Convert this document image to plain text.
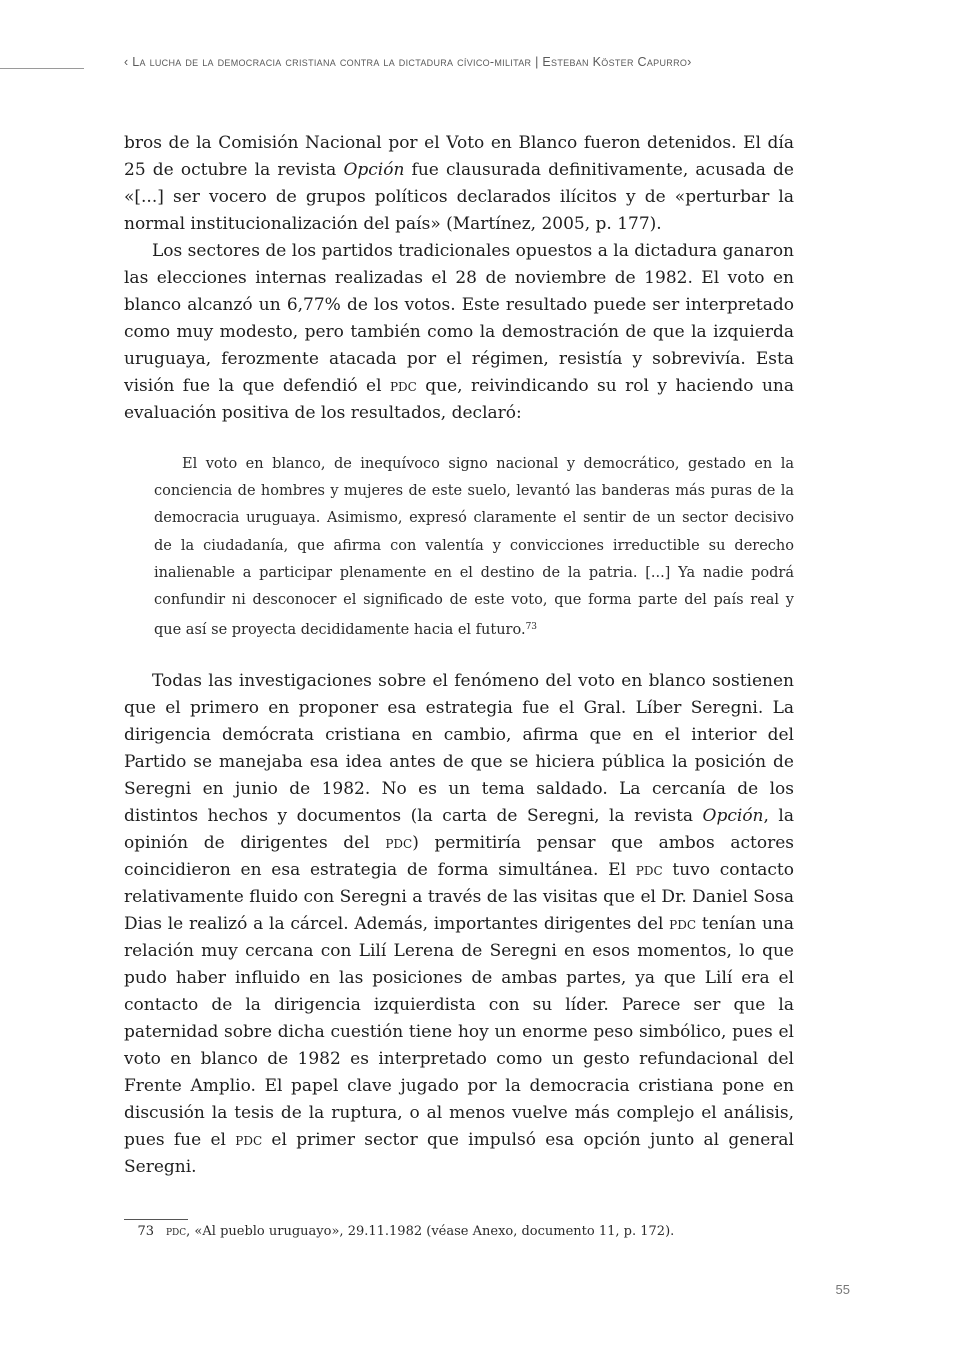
‹ La lucha de la democracia cristiana contra la dictadura cívico-militar | Esteban Köster Capurro›

bros de la Comisión Nacional por el Voto en Blanco fueron detenidos. El día 25 de octubre la revista Opción fue clausurada definitivamente, acusada de «[...] ser vocero de grupos políticos declarados ilícitos y de «perturbar la normal institucionalización del país» (Martínez, 2005, p. 177).

Los sectores de los partidos tradicionales opuestos a la dictadura ganaron las elecciones internas realizadas el 28 de noviembre de 1982. El voto en blanco alcanzó un 6,77% de los votos. Este resultado puede ser interpretado como muy modesto, pero también como la demostración de que la izquierda uruguaya, ferozmente atacada por el régimen, resistía y sobrevivía. Esta visión fue la que defendió el pdc que, reivindicando su rol y haciendo una evaluación positiva de los resultados, declaró:

El voto en blanco, de inequívoco signo nacional y democrático, gestado en la conciencia de hombres y mujeres de este suelo, levantó las banderas más puras de la democracia uruguaya. Asimismo, expresó claramente el sentir de un sector decisivo de la ciudadanía, que afirma con valentía y convicciones irreductible su derecho inalienable a participar plenamente en el destino de la patria. [...] Ya nadie podrá confundir ni desconocer el significado de este voto, que forma parte del país real y que así se proyecta decididamente hacia el futuro.$^{73}$

Todas las investigaciones sobre el fenómeno del voto en blanco sostienen que el primero en proponer esa estrategia fue el Gral. Líber Seregni. La dirigencia demócrata cristiana en cambio, afirma que en el interior del Partido se manejaba esa idea antes de que se hiciera pública la posición de Seregni en junio de 1982. No es un tema saldado. La cercanía de los distintos hechos y documentos (la carta de Seregni, la revista Opción, la opinión de dirigentes del pdc) permitiría pensar que ambos actores coincidieron en esa estrategia de forma simultánea. El pdc tuvo contacto relativamente fluido con Seregni a través de las visitas que el Dr. Daniel Sosa Dias le realizó a la cárcel. Además, importantes dirigentes del pdc tenían una relación muy cercana con Lilí Lerena de Seregni en esos momentos, lo que pudo haber influido en las posiciones de ambas partes, ya que Lilí era el contacto de la dirigencia izquierdista con su líder. Parece ser que la paternidad sobre dicha cuestión tiene hoy un enorme peso simbólico, pues el voto en blanco de 1982 es interpretado como un gesto refundacional del Frente Amplio. El papel clave jugado por la democracia cristiana pone en discusión la tesis de la ruptura, o al menos vuelve más complejo el análisis, pues fue el pdc el primer sector que impulsó esa opción junto al general Seregni.

73 pdc, «Al pueblo uruguayo», 29.11.1982 (véase Anexo, documento 11, p. 172).
55
